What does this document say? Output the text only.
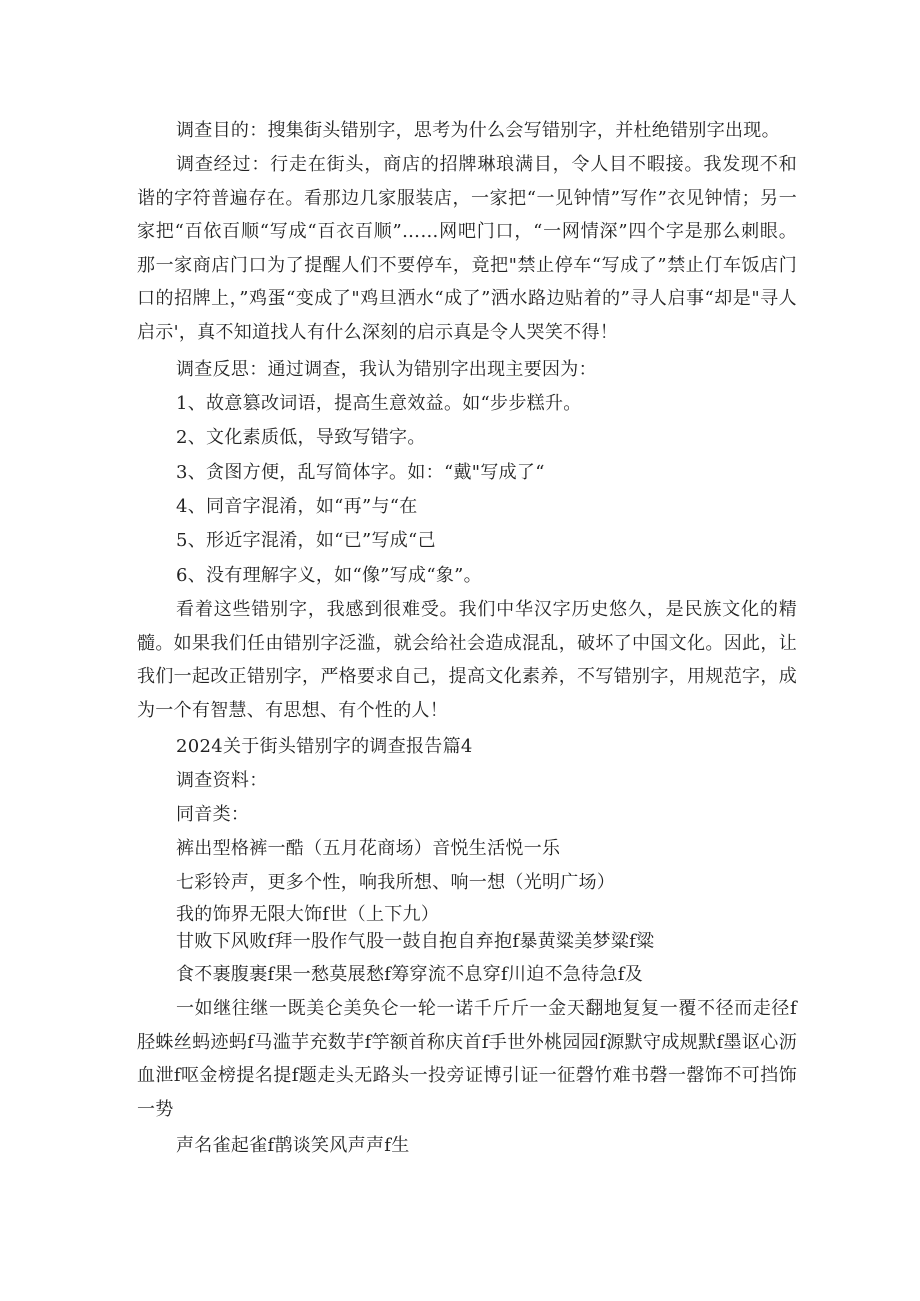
调查目的：搜集街头错别字，思考为什么会写错别字，并杜绝错别字出现。

调查经过：行走在街头，商店的招牌琳琅满目，令人目不暇接。我发现不和谐的字符普遍存在。看那边几家服装店，一家把“一见钟情”写作”衣见钟情；另一家把“百依百顺“写成“百衣百顺”……网吧门口，“一网情深”四个字是那么刺眼。那一家商店门口为了提醒人们不要停车，竟把"禁止停车“写成了”禁止仃车饭店门口的招牌上，”鸡蛋“变成了"鸡旦洒水“成了”洒水路边贴着的”寻人启事“却是"寻人启示'，真不知道找人有什么深刻的启示真是令人哭笑不得！

调查反思：通过调查，我认为错别字出现主要因为：

1、故意篡改词语，提高生意效益。如“步步糕升。

2、文化素质低，导致写错字。

3、贪图方便，乱写简体字。如：“戴"写成了“

4、同音字混淆，如“再”与“在

5、形近字混淆，如“已”写成“己

6、没有理解字义，如“像”写成“象”。

看着这些错别字，我感到很难受。我们中华汉字历史悠久，是民族文化的精髓。如果我们任由错别字泛滥，就会给社会造成混乱，破坏了中国文化。因此，让我们一起改正错别字，严格要求自己，提高文化素养，不写错别字，用规范字，成为一个有智慧、有思想、有个性的人！

2024关于街头错别字的调查报告篇4

调查资料：

同音类：

裤出型格裤一酷（五月花商场）音悦生活悦一乐

七彩铃声，更多个性，响我所想、响一想（光明广场）

我的饰界无限大饰f世（上下九）

甘败下风败f拜一股作气股一鼓自抱自弃抱f暴黄粱美梦粱f粱

食不裹腹裹f果一愁莫展愁f筹穿流不息穿f川迫不急待急f及

一如继往继一既美仑美奂仑一轮一诺千斤斤一金天翻地复复一覆不径而走径f胫蛛丝蚂迹蚂f马滥芋充数芋f竽额首称庆首f手世外桃园园f源默守成规默f墨讴心沥血泄f呕金榜提名提f题走头无路头一投旁证博引证一征磬竹难书磬一罄饰不可挡饰一势

声名雀起雀f鹊谈笑风声声f生
